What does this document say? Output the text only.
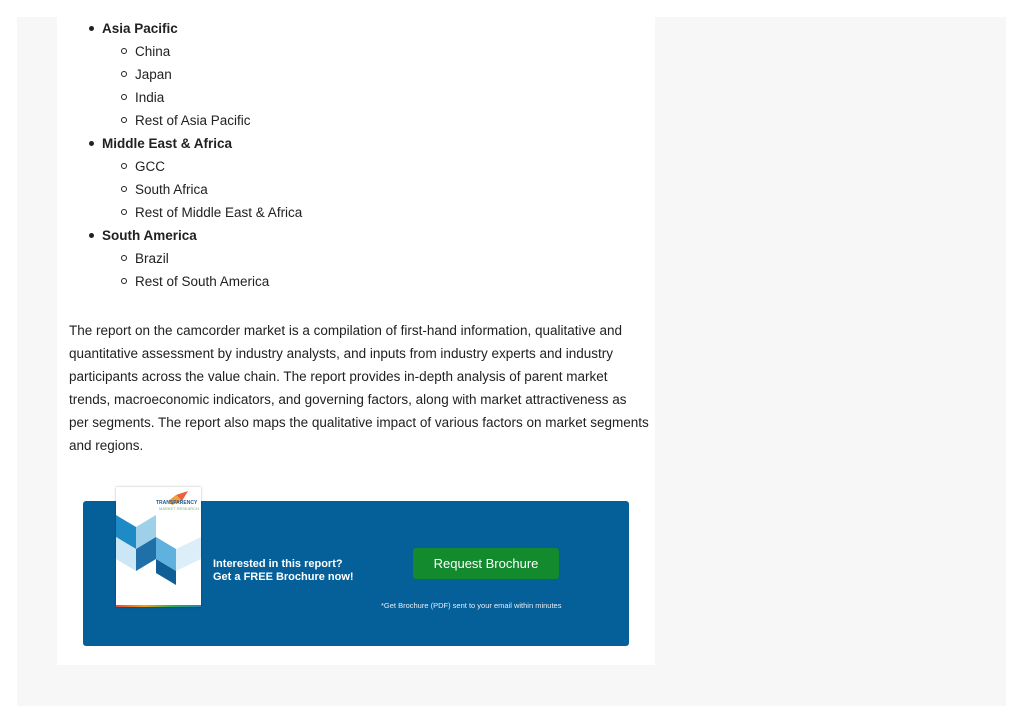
Asia Pacific
China
Japan
India
Rest of Asia Pacific
Middle East & Africa
GCC
South Africa
Rest of Middle East & Africa
South America
Brazil
Rest of South America

The report on the camcorder market is a compilation of first-hand information, qualitative and quantitative assessment by industry analysts, and inputs from industry experts and industry participants across the value chain. The report provides in-depth analysis of parent market trends, macroeconomic indicators, and governing factors, along with market attractiveness as per segments. The report also maps the qualitative impact of various factors on market segments and regions.

TRANSPARENCY
MARKET RESEARCH
Interested in this report?
Get a FREE Brochure now!
Request Brochure
*Get Brochure (PDF) sent to your email within minutes
